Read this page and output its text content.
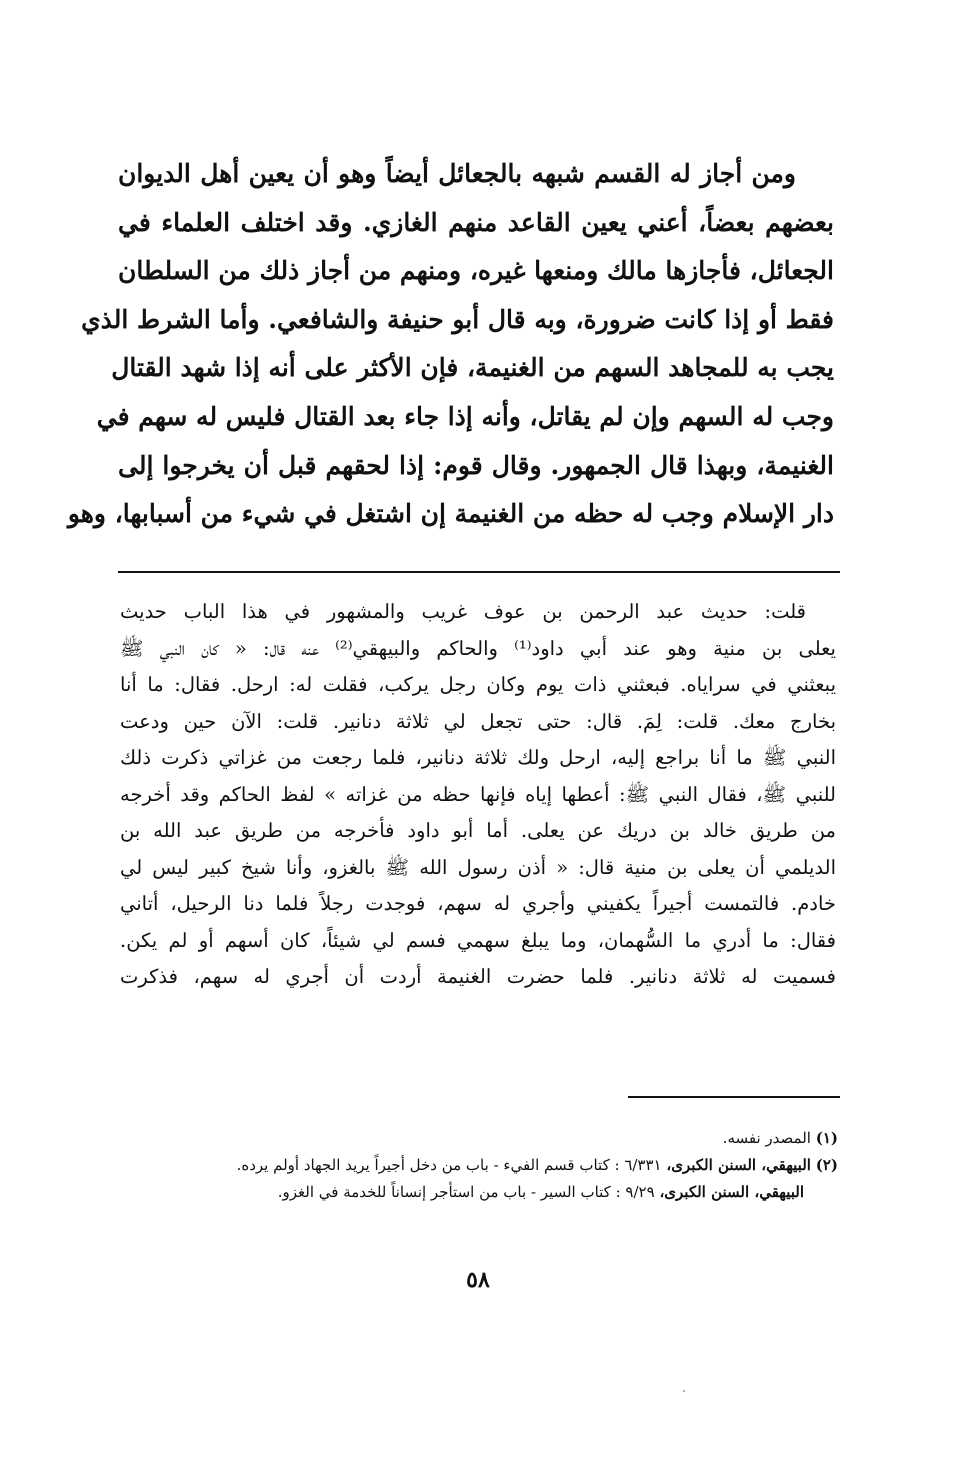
ومن أجاز له القسم شبهه بالجعائل أيضاً وهو أن يعين أهل الديوان
بعضهم بعضاً، أعني يعين القاعد منهم الغازي. وقد اختلف العلماء في
الجعائل، فأجازها مالك ومنعها غيره، ومنهم من أجاز ذلك من السلطان
فقط أو إذا كانت ضرورة، وبه قال أبو حنيفة والشافعي. وأما الشرط الذي
يجب به للمجاهد السهم من الغنيمة، فإن الأكثر على أنه إذا شهد القتال
وجب له السهم وإن لم يقاتل، وأنه إذا جاء بعد القتال فليس له سهم في
الغنيمة، وبهذا قال الجمهور. وقال قوم: إذا لحقهم قبل أن يخرجوا إلى
دار الإسلام وجب له حظه من الغنيمة إن اشتغل في شيء من أسبابها، وهو
قلت: حديث عبد الرحمن بن عوف غريب والمشهور في هذا الباب حديث
يعلى بن منية وهو عند أبي داود⁽¹⁾ والحاكم والبيهقي⁽²⁾ عنه قال: « كان النبي ﷺ
يبعثني في سراياه. فبعثني ذات يوم وكان رجل يركب، فقلت له: ارحل. فقال: ما أنا
بخارج معك. قلت: لِمَ. قال: حتى تجعل لي ثلاثة دنانير. قلت: الآن حين ودعت
النبي ﷺ ما أنا براجع إليه، ارحل ولك ثلاثة دنانير، فلما رجعت من غزاتي ذكرت ذلك
للنبي ﷺ، فقال النبي ﷺ: أعطها إياه فإنها حظه من غزاته » لفظ الحاكم وقد أخرجه
من طريق خالد بن دريك عن يعلى. أما أبو داود فأخرجه من طريق عبد الله بن
الديلمي أن يعلى بن منية قال: « أذن رسول الله ﷺ بالغزو، وأنا شيخ كبير ليس لي
خادم. فالتمست أجيراً يكفيني وأجري له سهم، فوجدت رجلاً فلما دنا الرحيل، أتاني
فقال: ما أدري ما السُّهمان، وما يبلغ سهمي فسم لي شيئاً، كان أسهم أو لم يكن.
فسميت له ثلاثة دنانير. فلما حضرت الغنيمة أردت أن أجري له سهم، فذكرت
(١) المصدر نفسه.
(٢) البيهقي، السنن الكبرى، ٦/٣٣١ : كتاب قسم الفيء - باب من دخل أجيراً يريد الجهاد أولم يرده.
البيهقي، السنن الكبرى، ٩/٢٩ : كتاب السير - باب من استأجر إنساناً للخدمة في الغزو.
٥٨
